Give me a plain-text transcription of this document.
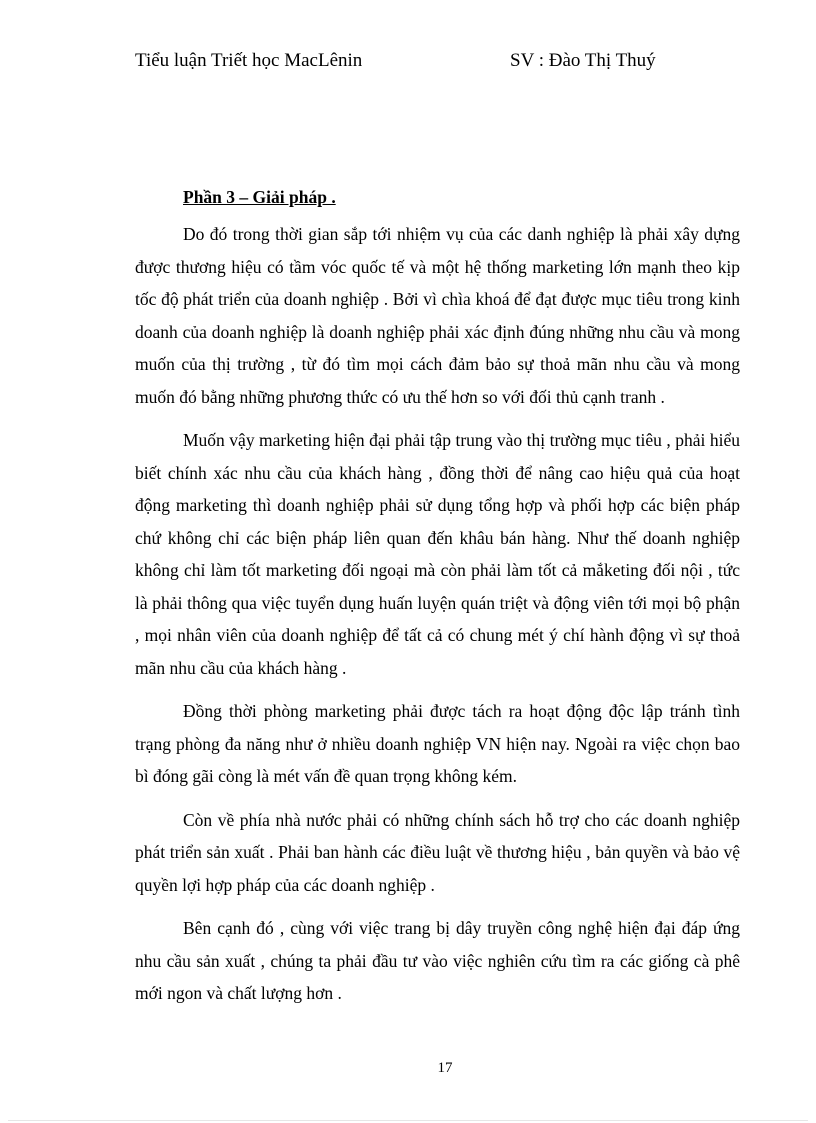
Tiểu luận Triết học MacLênin	SV : Đào Thị Thuý
Phần 3 – Giải pháp .

Do đó trong thời gian sắp tới nhiệm vụ của các danh nghiệp là phải xây dựng được thương hiệu có tầm vóc quốc tế và một hệ thống marketing lớn mạnh theo kịp tốc độ phát triển của doanh nghiệp . Bởi vì chìa khoá để đạt được mục tiêu trong kinh doanh của doanh nghiệp là doanh nghiệp phải xác định đúng những nhu cầu và mong muốn của thị trường , từ đó tìm mọi cách đảm bảo sự thoả mãn nhu cầu và mong muốn đó bằng những phương thức có ưu thế hơn so với đối thủ cạnh tranh .

Muốn vậy marketing hiện đại phải tập trung vào thị trường mục tiêu , phải hiểu biết chính xác nhu cầu của khách hàng , đồng thời để nâng cao hiệu quả của hoạt động marketing thì doanh nghiệp phải sử dụng tổng hợp và phối hợp các biện pháp chứ không chỉ các biện pháp liên quan đến khâu bán hàng. Như thế doanh nghiệp không chỉ làm tốt marketing đối ngoại mà còn phải làm tốt cả mắketing đối nội , tức là phải thông qua việc tuyển dụng huấn luyện quán triệt và động viên tới mọi bộ phận , mọi nhân viên của doanh nghiệp để tất cả có chung mét ý chí hành động vì sự thoả mãn nhu cầu của khách hàng .

Đồng thời phòng marketing phải được tách ra hoạt động độc lập tránh tình trạng phòng đa năng như ở nhiều doanh nghiệp VN hiện nay. Ngoài ra việc chọn bao bì đóng gãi còng là mét vấn đề quan trọng không kém.

Còn về phía nhà nước phải có những chính sách hỗ trợ cho các doanh nghiệp phát triển sản xuất . Phải ban hành các điều luật về thương hiệu , bản quyền và bảo vệ quyền lợi hợp pháp của các doanh nghiệp .

Bên cạnh đó , cùng với việc trang bị dây truyền công nghệ hiện đại đáp ứng nhu cầu sản xuất , chúng ta phải đầu tư vào việc nghiên cứu tìm ra các giống cà phê mới ngon và chất lượng hơn .

17
